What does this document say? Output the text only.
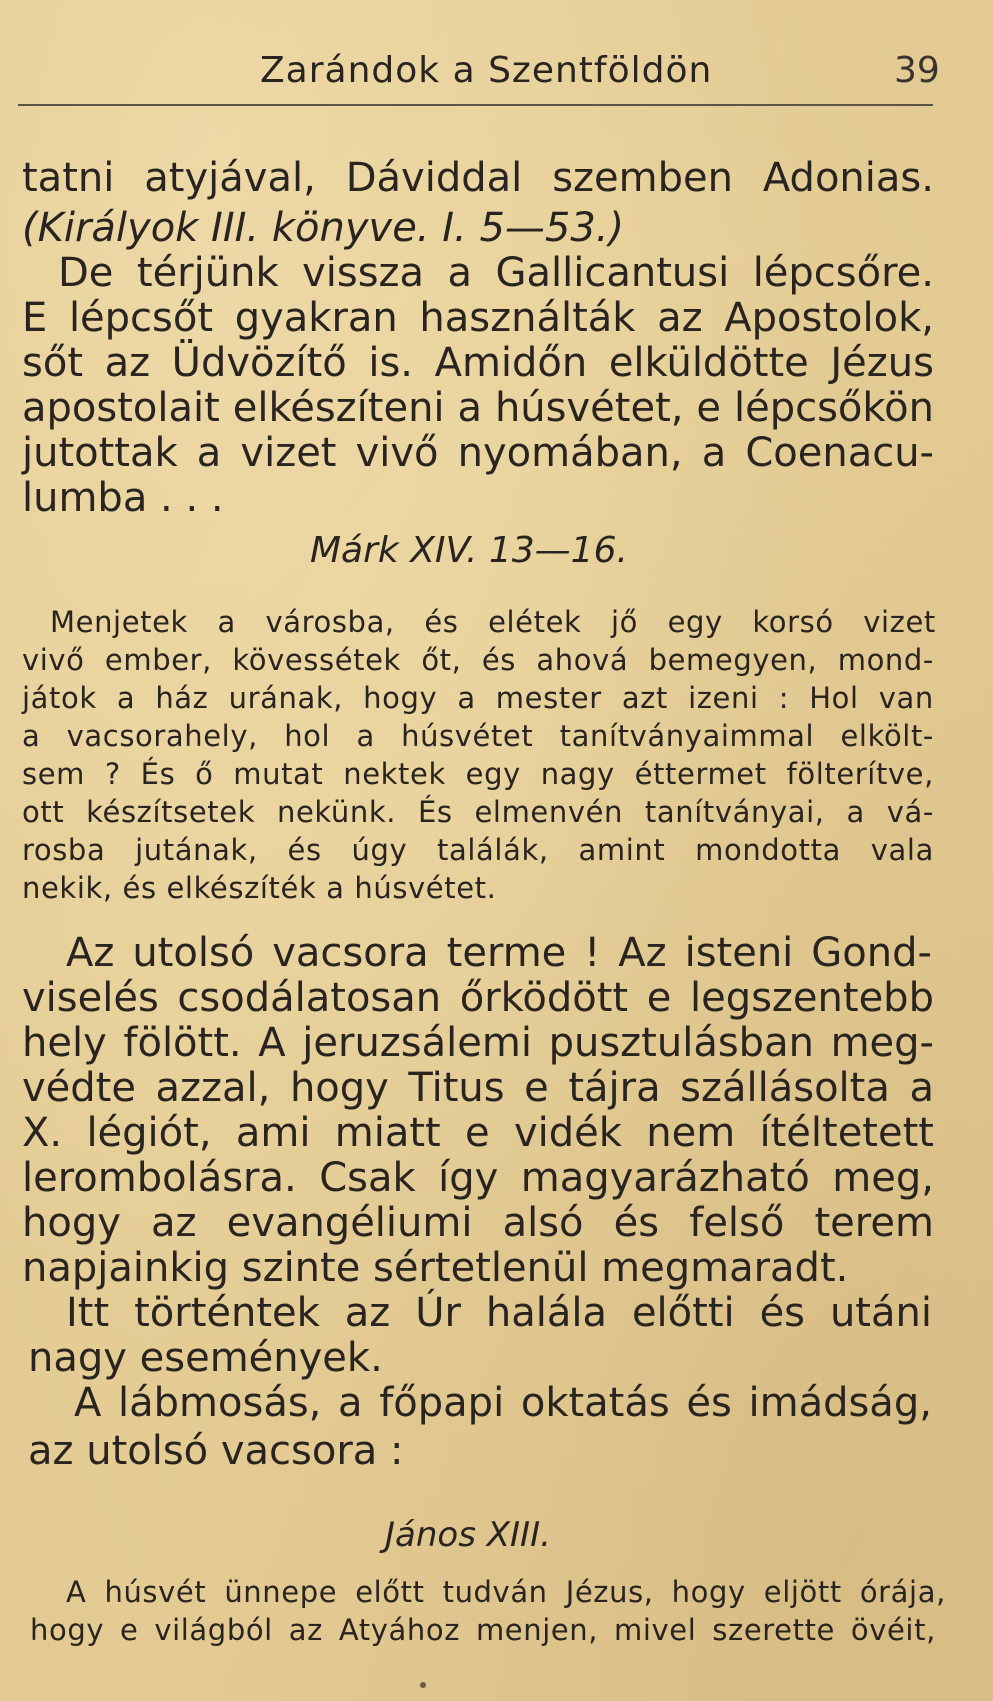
Zarándok a Szentföldön	39
tatni atyjával, Dáviddal szemben Adonias.
(Királyok III. könyve. I. 5—53.)
De térjünk vissza a Gallicantusi lépcsőre.
E lépcsőt gyakran használták az Apostolok,
sőt az Üdvözítő is. Amidőn elküldötte Jézus
apostolait elkészíteni a húsvétet, e lépcsőkön
jutottak a vizet vivő nyomában, a Coenacu-
lumba . . .
Márk XIV. 13—16.
Menjetek a városba, és elétek jő egy korsó vizet
vivő ember, kövessétek őt, és ahová bemegyen, mond-
játok a ház urának, hogy a mester azt izeni : Hol van
a vacsorahely, hol a húsvétet tanítványaimmal elkölt-
sem ? És ő mutat nektek egy nagy éttermet fölterítve,
ott készítsetek nekünk. És elmenvén tanítványai, a vá-
rosba jutának, és úgy találák, amint mondotta vala
nekik, és elkészíték a húsvétet.
Az utolsó vacsora terme ! Az isteni Gond-
viselés csodálatosan őrködött e legszentebb
hely fölött. A jeruzsálemi pusztulásban meg-
védte azzal, hogy Titus e tájra szállásolta a
X. légiót, ami miatt e vidék nem ítéltetett
lerombolásra. Csak így magyarázható meg,
hogy az evangéliumi alsó és felső terem
napjainkig szinte sértetlenül megmaradt.
Itt történtek az Úr halála előtti és utáni
nagy események.
A lábmosás, a főpapi oktatás és imádság,
az utolsó vacsora :
János XIII.
A húsvét ünnepe előtt tudván Jézus, hogy eljött órája,
hogy e világból az Atyához menjen, mivel szerette övéit,
